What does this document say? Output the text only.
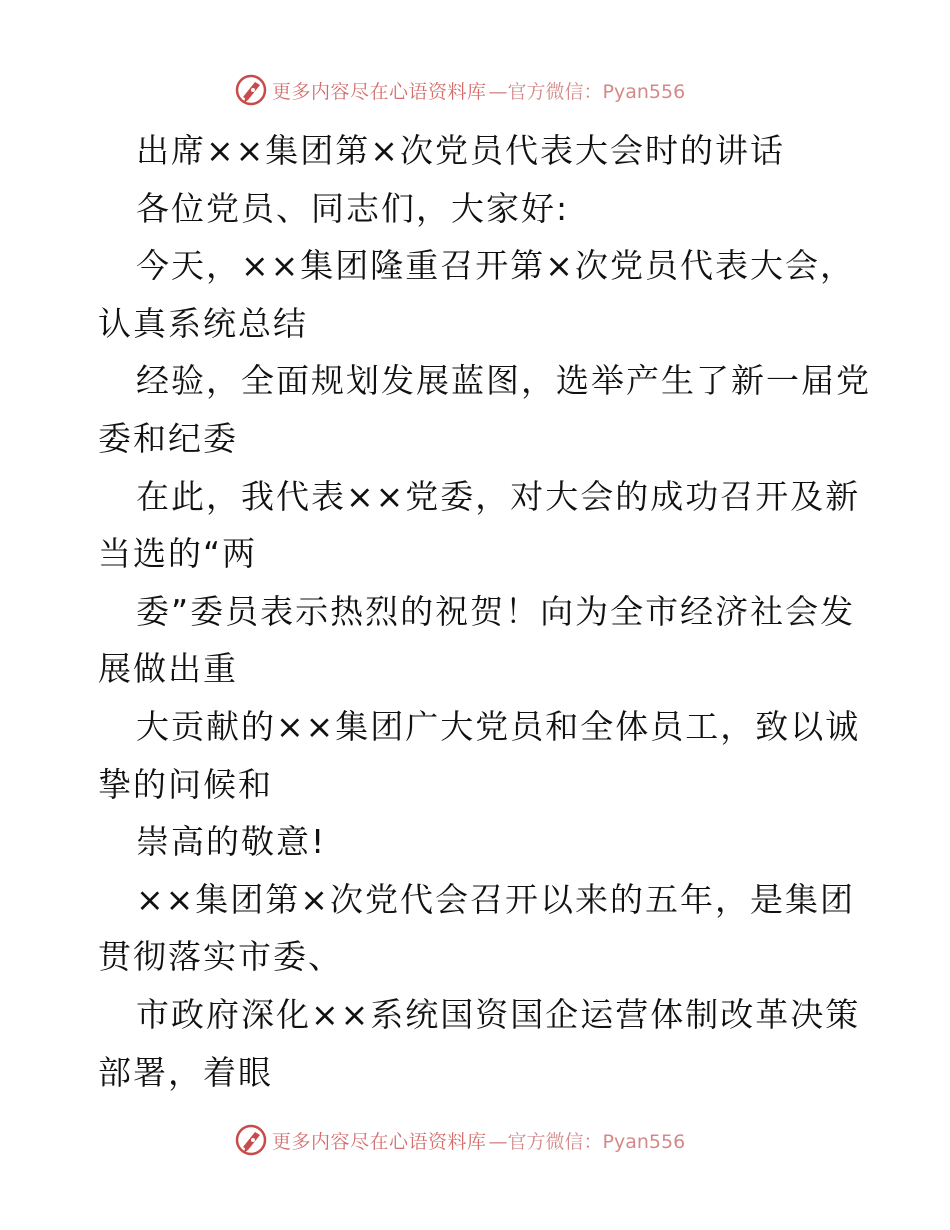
更多内容尽在心语资料库 —官方微信：Pyan556
出席××集团第×次党员代表大会时的讲话
各位党员、同志们，大家好:
今天，××集团隆重召开第×次党员代表大会，
认真系统总结
经验，全面规划发展蓝图，选举产生了新一届党
委和纪委
在此，我代表××党委，对大会的成功召开及新
当选的“两
委”委员表示热烈的祝贺！向为全市经济社会发
展做出重
大贡献的××集团广大党员和全体员工，致以诚
挚的问候和
崇高的敬意!
××集团第×次党代会召开以来的五年，是集团
贯彻落实市委、
市政府深化××系统国资国企运营体制改革决策
部署，着眼
更多内容尽在心语资料库 —官方微信：Pyan556
